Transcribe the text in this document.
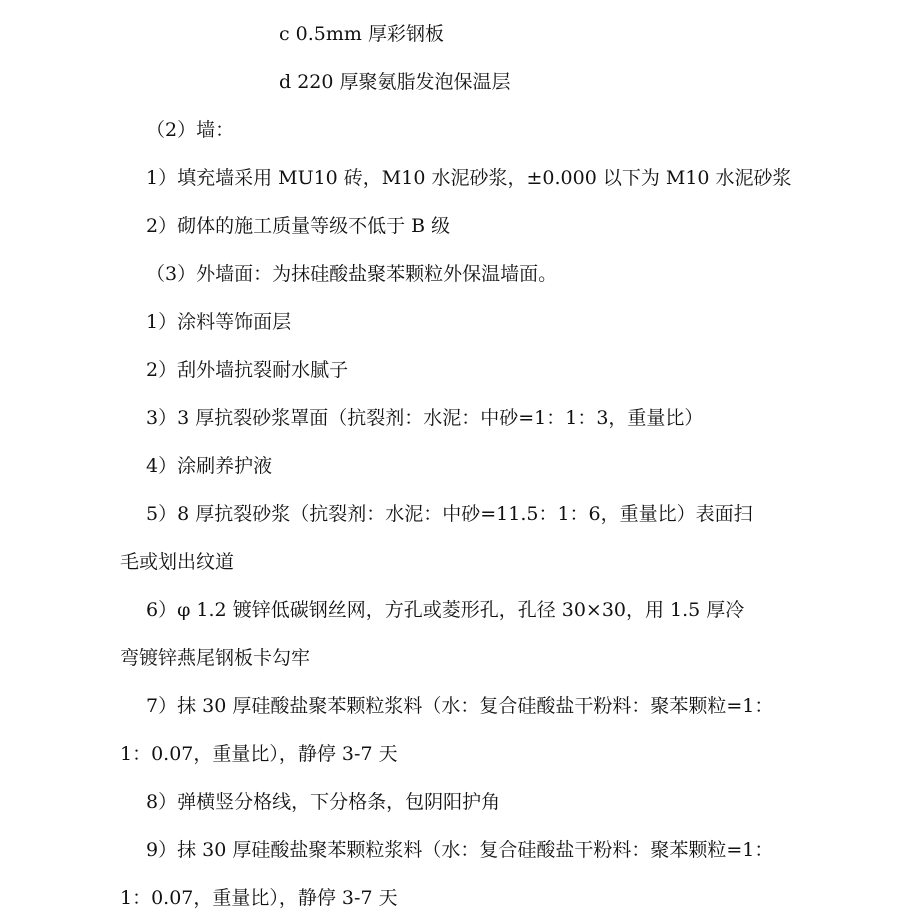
c 0.5mm 厚彩钢板
d 220 厚聚氨脂发泡保温层
（2）墙：
1）填充墙采用 MU10 砖，M10 水泥砂浆，±0.000 以下为 M10 水泥砂浆
2）砌体的施工质量等级不低于 B 级
（3）外墙面：为抹硅酸盐聚苯颗粒外保温墙面。
1）涂料等饰面层
2）刮外墙抗裂耐水腻子
3）3 厚抗裂砂浆罩面（抗裂剂：水泥：中砂=1：1：3，重量比）
4）涂刷养护液
5）8 厚抗裂砂浆（抗裂剂：水泥：中砂=11.5：1：6，重量比）表面扫
毛或划出纹道
6）φ 1.2 镀锌低碳钢丝网，方孔或菱形孔，孔径 30×30，用 1.5 厚冷
弯镀锌燕尾钢板卡勾牢
7）抹 30 厚硅酸盐聚苯颗粒浆料（水：复合硅酸盐干粉料：聚苯颗粒=1：
1：0.07，重量比），静停 3-7 天
8）弹横竖分格线，下分格条，包阴阳护角
9）抹 30 厚硅酸盐聚苯颗粒浆料（水：复合硅酸盐干粉料：聚苯颗粒=1：
1：0.07，重量比），静停 3-7 天
